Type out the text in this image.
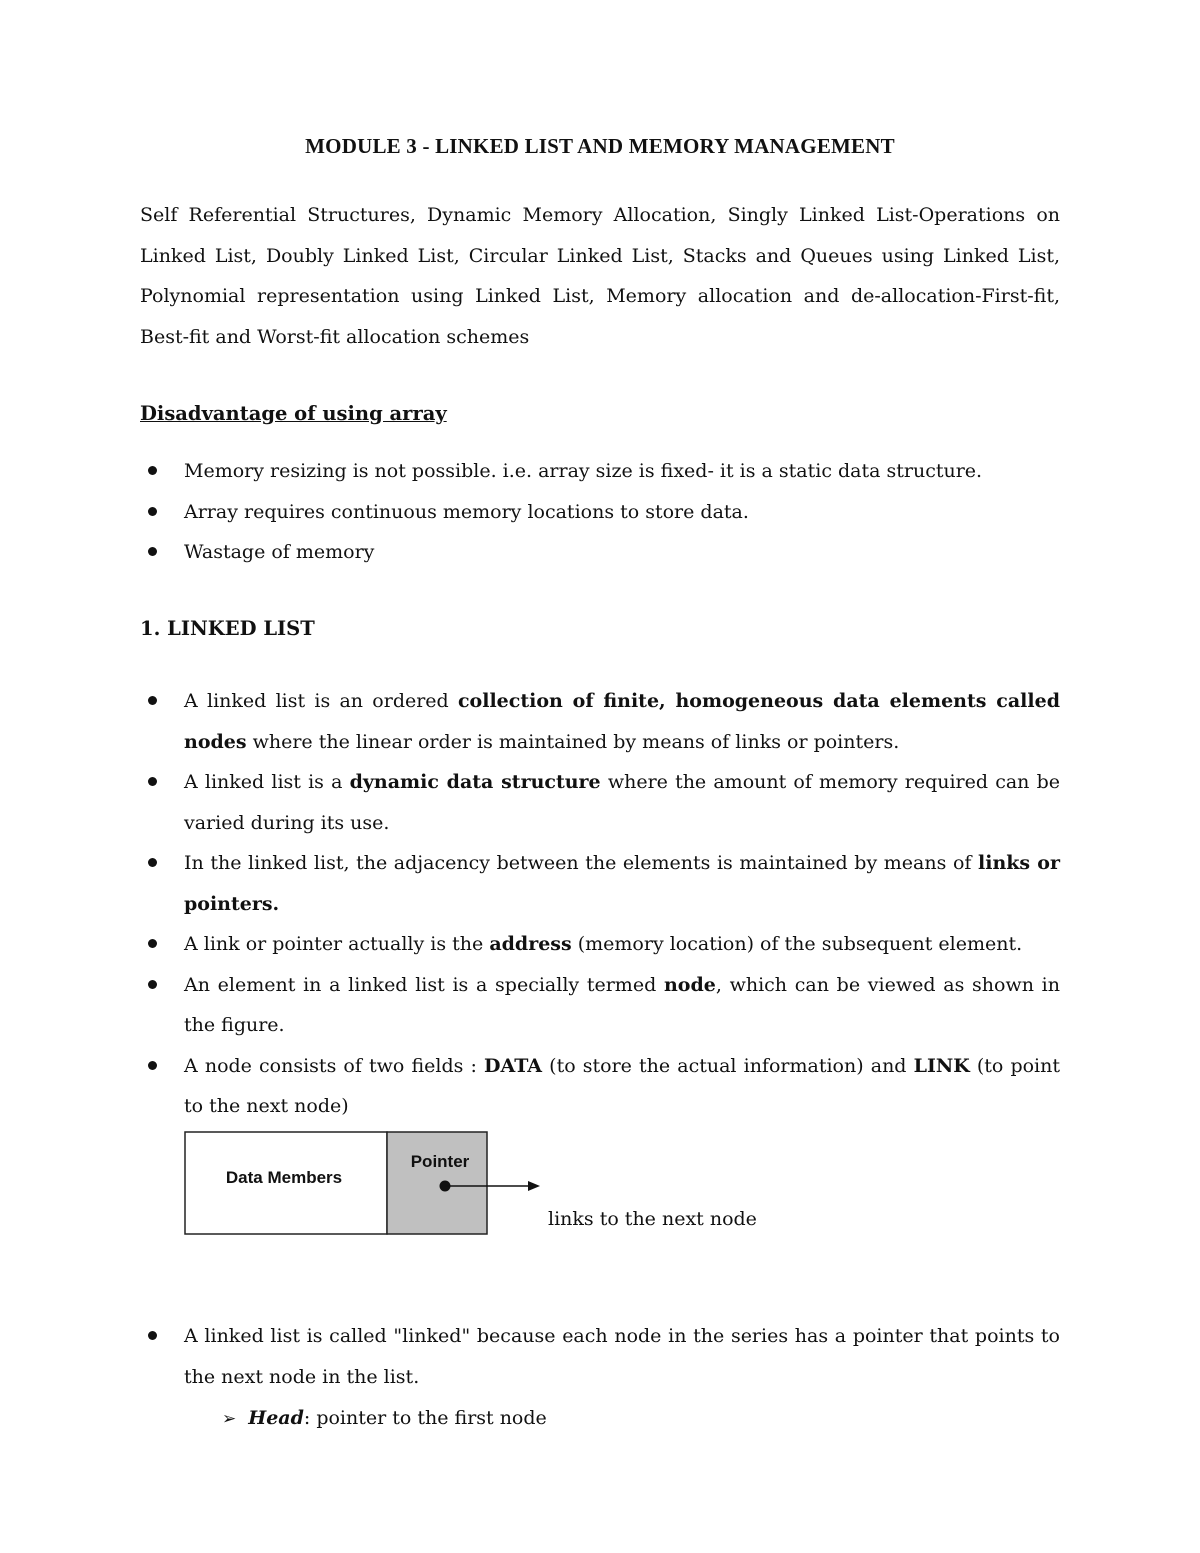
MODULE 3 - LINKED LIST AND MEMORY MANAGEMENT
Self Referential Structures, Dynamic Memory Allocation, Singly Linked List-Operations on Linked List, Doubly Linked List, Circular Linked List, Stacks and Queues using Linked List, Polynomial representation using Linked List, Memory allocation and de-allocation-First-fit, Best-fit and Worst-fit allocation schemes
Disadvantage of using array
Memory resizing is not possible. i.e. array size is fixed- it is a static data structure.
Array requires continuous memory locations to store data.
Wastage of memory
1. LINKED LIST
A linked list is an ordered collection of finite, homogeneous data elements called nodes where the linear order is maintained by means of links or pointers.
A linked list is a dynamic data structure where the amount of memory required can be varied during its use.
In the linked list, the adjacency between the elements is maintained by means of links or pointers.
A link or pointer actually is the address (memory location) of the subsequent element.
An element in a linked list is a specially termed node, which can be viewed as shown in the figure.
A node consists of two fields : DATA (to store the actual information) and LINK (to point to the next node)
Data Members
Pointer
links to the next node
A linked list is called "linked" because each node in the series has a pointer that points to the next node in the list.
➢ Head: pointer to the first node
